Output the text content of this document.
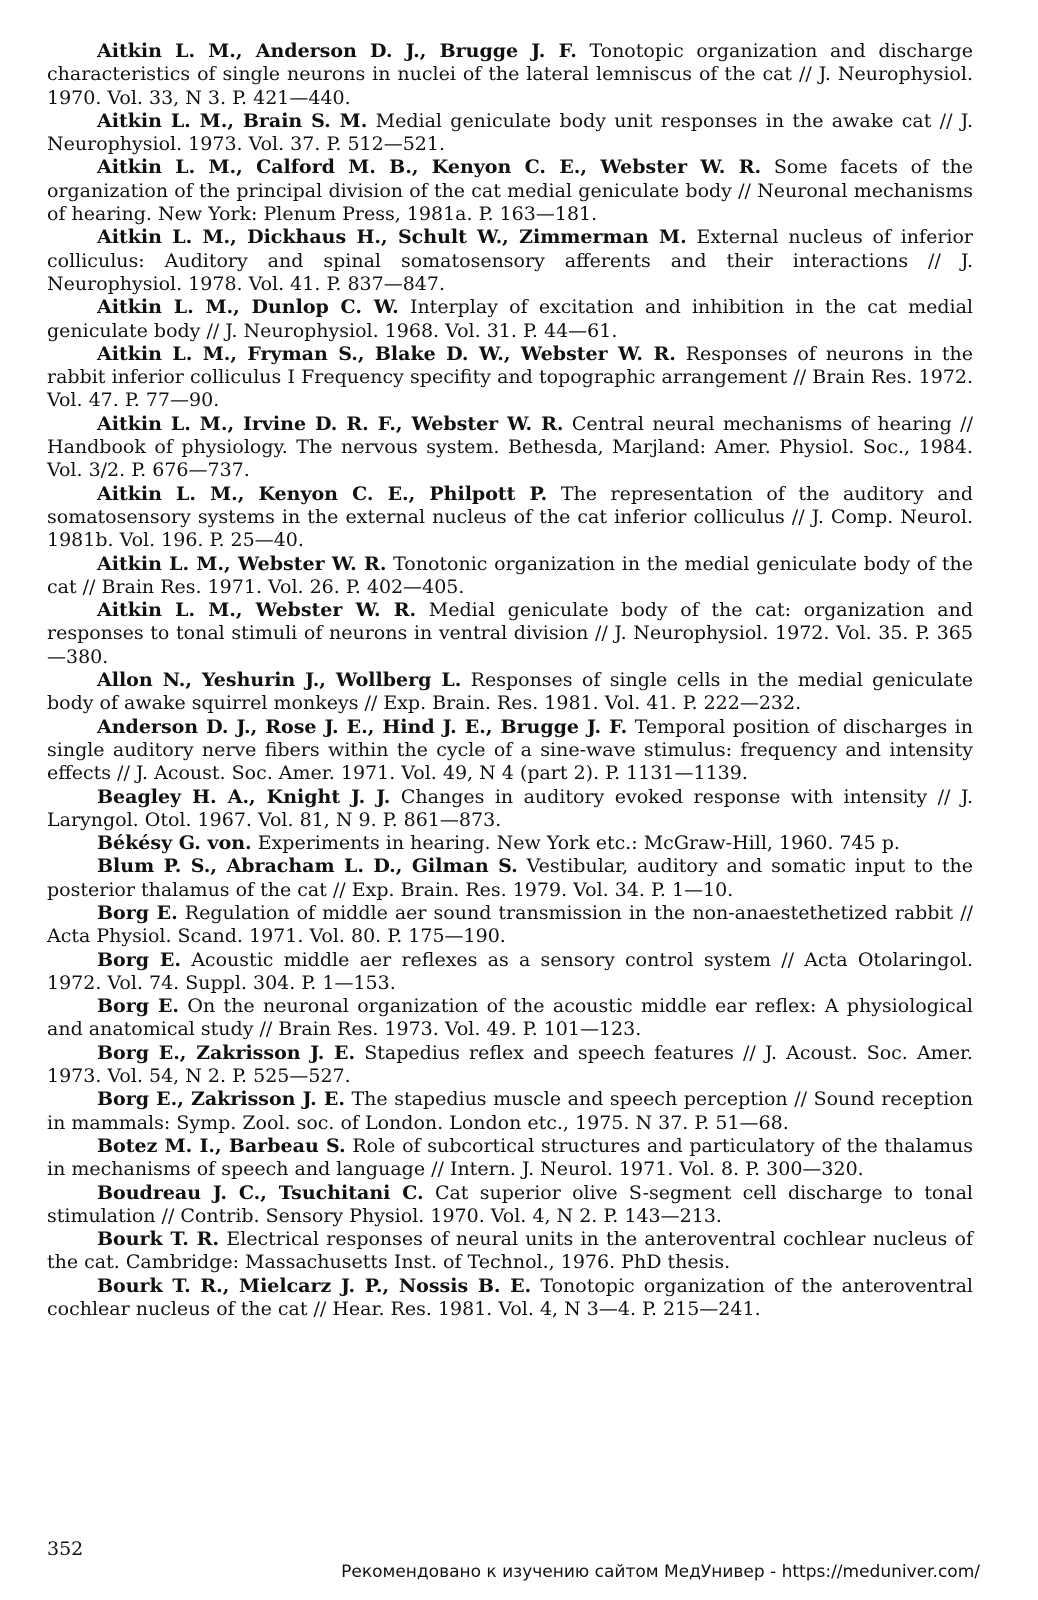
Aitkin L. M., Anderson D. J., Brugge J. F. Tonotopic organization and discharge characteristics of single neurons in nuclei of the lateral lemniscus of the cat // J. Neurophysiol. 1970. Vol. 33, N 3. P. 421—440.

Aitkin L. M., Brain S. M. Medial geniculate body unit responses in the awake cat // J. Neurophysiol. 1973. Vol. 37. P. 512—521.

Aitkin L. M., Calford M. B., Kenyon C. E., Webster W. R. Some facets of the organization of the principal division of the cat medial geniculate body // Neuronal mechanisms of hearing. New York: Plenum Press, 1981a. P. 163—181.

Aitkin L. M., Dickhaus H., Schult W., Zimmerman M. External nucleus of inferior colliculus: Auditory and spinal somatosensory afferents and their interactions // J. Neurophysiol. 1978. Vol. 41. P. 837—847.

Aitkin L. M., Dunlop C. W. Interplay of excitation and inhibition in the cat medial geniculate body // J. Neurophysiol. 1968. Vol. 31. P. 44—61.

Aitkin L. M., Fryman S., Blake D. W., Webster W. R. Responses of neurons in the rabbit inferior colliculus I Frequency specifity and topographic arrangement // Brain Res. 1972. Vol. 47. P. 77—90.

Aitkin L. M., Irvine D. R. F., Webster W. R. Central neural mechanisms of hearing // Handbook of physiology. The nervous system. Bethesda, Marjland: Amer. Physiol. Soc., 1984. Vol. 3/2. P. 676—737.

Aitkin L. M., Kenyon C. E., Philpott P. The representation of the auditory and somatosensory systems in the external nucleus of the cat inferior colliculus // J. Comp. Neurol. 1981b. Vol. 196. P. 25—40.

Aitkin L. M., Webster W. R. Tonotonic organization in the medial geniculate body of the cat // Brain Res. 1971. Vol. 26. P. 402—405.

Aitkin L. M., Webster W. R. Medial geniculate body of the cat: organization and responses to tonal stimuli of neurons in ventral division // J. Neurophysiol. 1972. Vol. 35. P. 365—380.

Allon N., Yeshurin J., Wollberg L. Responses of single cells in the medial geniculate body of awake squirrel monkeys // Exp. Brain. Res. 1981. Vol. 41. P. 222—232.

Anderson D. J., Rose J. E., Hind J. E., Brugge J. F. Temporal position of discharges in single auditory nerve fibers within the cycle of a sine-wave stimulus: frequency and intensity effects // J. Acoust. Soc. Amer. 1971. Vol. 49, N 4 (part 2). P. 1131—1139.

Beagley H. A., Knight J. J. Changes in auditory evoked response with intensity // J. Laryngol. Otol. 1967. Vol. 81, N 9. P. 861—873.

Békésy G. von. Experiments in hearing. New York etc.: McGraw-Hill, 1960. 745 p.

Blum P. S., Abracham L. D., Gilman S. Vestibular, auditory and somatic input to the posterior thalamus of the cat // Exp. Brain. Res. 1979. Vol. 34. P. 1—10.

Borg E. Regulation of middle aer sound transmission in the non-anaestethetized rabbit // Acta Physiol. Scand. 1971. Vol. 80. P. 175—190.

Borg E. Acoustic middle aer reflexes as a sensory control system // Acta Otolaringol. 1972. Vol. 74. Suppl. 304. P. 1—153.

Borg E. On the neuronal organization of the acoustic middle ear reflex: A physiological and anatomical study // Brain Res. 1973. Vol. 49. P. 101—123.

Borg E., Zakrisson J. E. Stapedius reflex and speech features // J. Acoust. Soc. Amer. 1973. Vol. 54, N 2. P. 525—527.

Borg E., Zakrisson J. E. The stapedius muscle and speech perception // Sound reception in mammals: Symp. Zool. soc. of London. London etc., 1975. N 37. P. 51—68.

Botez M. I., Barbeau S. Role of subcortical structures and particulatory of the thalamus in mechanisms of speech and language // Intern. J. Neurol. 1971. Vol. 8. P. 300—320.

Boudreau J. C., Tsuchitani C. Cat superior olive S-segment cell discharge to tonal stimulation // Contrib. Sensory Physiol. 1970. Vol. 4, N 2. P. 143—213.

Bourk T. R. Electrical responses of neural units in the anteroventral cochlear nucleus of the cat. Cambridge: Massachusetts Inst. of Technol., 1976. PhD thesis.

Bourk T. R., Mielcarz J. P., Nossis B. E. Tonotopic organization of the anteroventral cochlear nucleus of the cat // Hear. Res. 1981. Vol. 4, N 3—4. P. 215—241.

352
Рекомендовано к изучению сайтом МедУнивер - https://meduniver.com/
